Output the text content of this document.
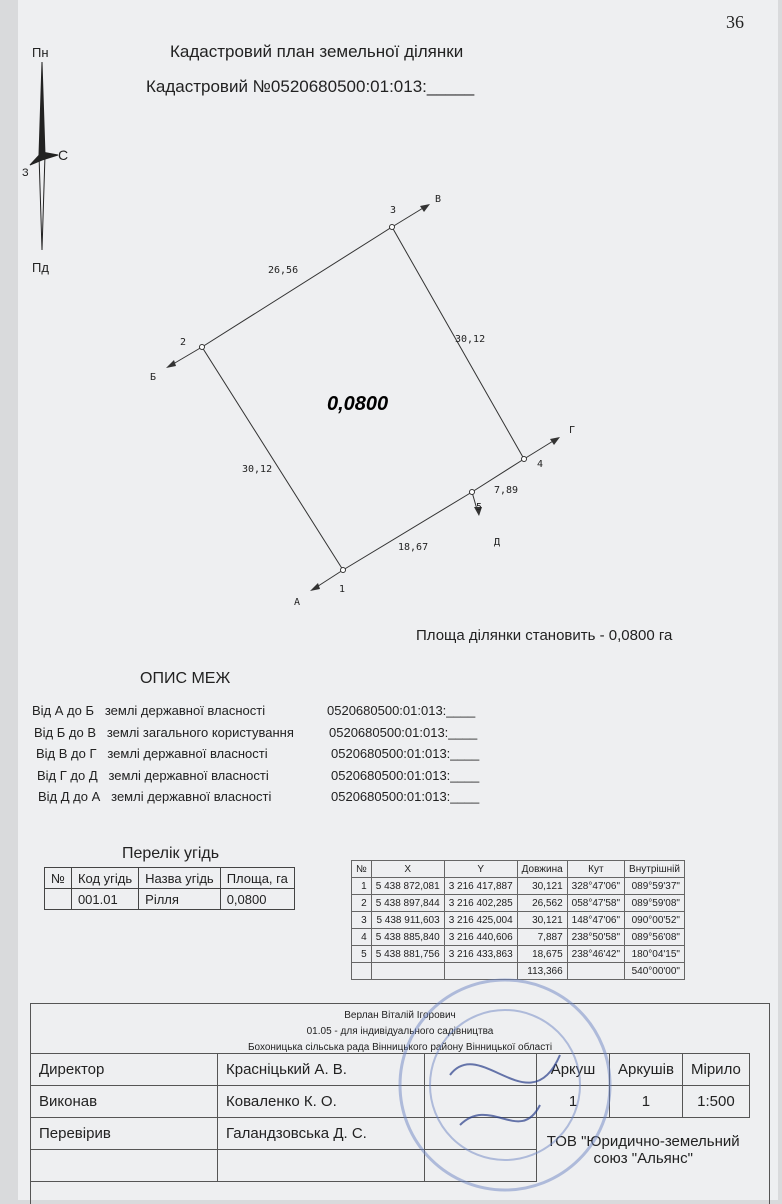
36
Кадастровий план земельної ділянки
Кадастровий №0520680500:01:013:_____
Пн
Пд
З
С
1
2
3
4
5
А
Б
В
Г
Д
26,56
30,12
30,12
7,89
18,67
0,0800
Площа ділянки становить - 0,0800 га
ОПИС МЕЖ
Від А до Б землі державної власності	0520680500:01:013:____
Від Б до В землі загального користування	0520680500:01:013:____
Від В до Г землі державної власності	0520680500:01:013:____
Від Г до Д землі державної власності	0520680500:01:013:____
Від Д до А землі державної власності	0520680500:01:013:____
Перелік угідь
№	Код угідь	Назва угідь	Площа, га
	001.01	Рілля	0,0800
№	X	Y	Довжина	Кут	Внутрішній
1	5 438 872,081	3 216 417,887	30,121	328°47'06"	089°59'37"
2	5 438 897,844	3 216 402,285	26,562	058°47'58"	089°59'08"
3	5 438 911,603	3 216 425,004	30,121	148°47'06"	090°00'52"
4	5 438 885,840	3 216 440,606	7,887	238°50'58"	089°56'08"
5	5 438 881,756	3 216 433,863	18,675	238°46'42"	180°04'15"
			113,366		540°00'00"
Верлан Віталій Ігорович
01.05 - для індивідуального садівництва
Бохоницька сільська рада Вінницького району Вінницької області
Директор	Красніцький А. В.		Аркуш	Аркушів	Мірило
Виконав	Коваленко К. О.		1	1	1:500
Перевірив	Галандзовська Д. С.		ТОВ "Юридично-земельний союз "Альянс"		
